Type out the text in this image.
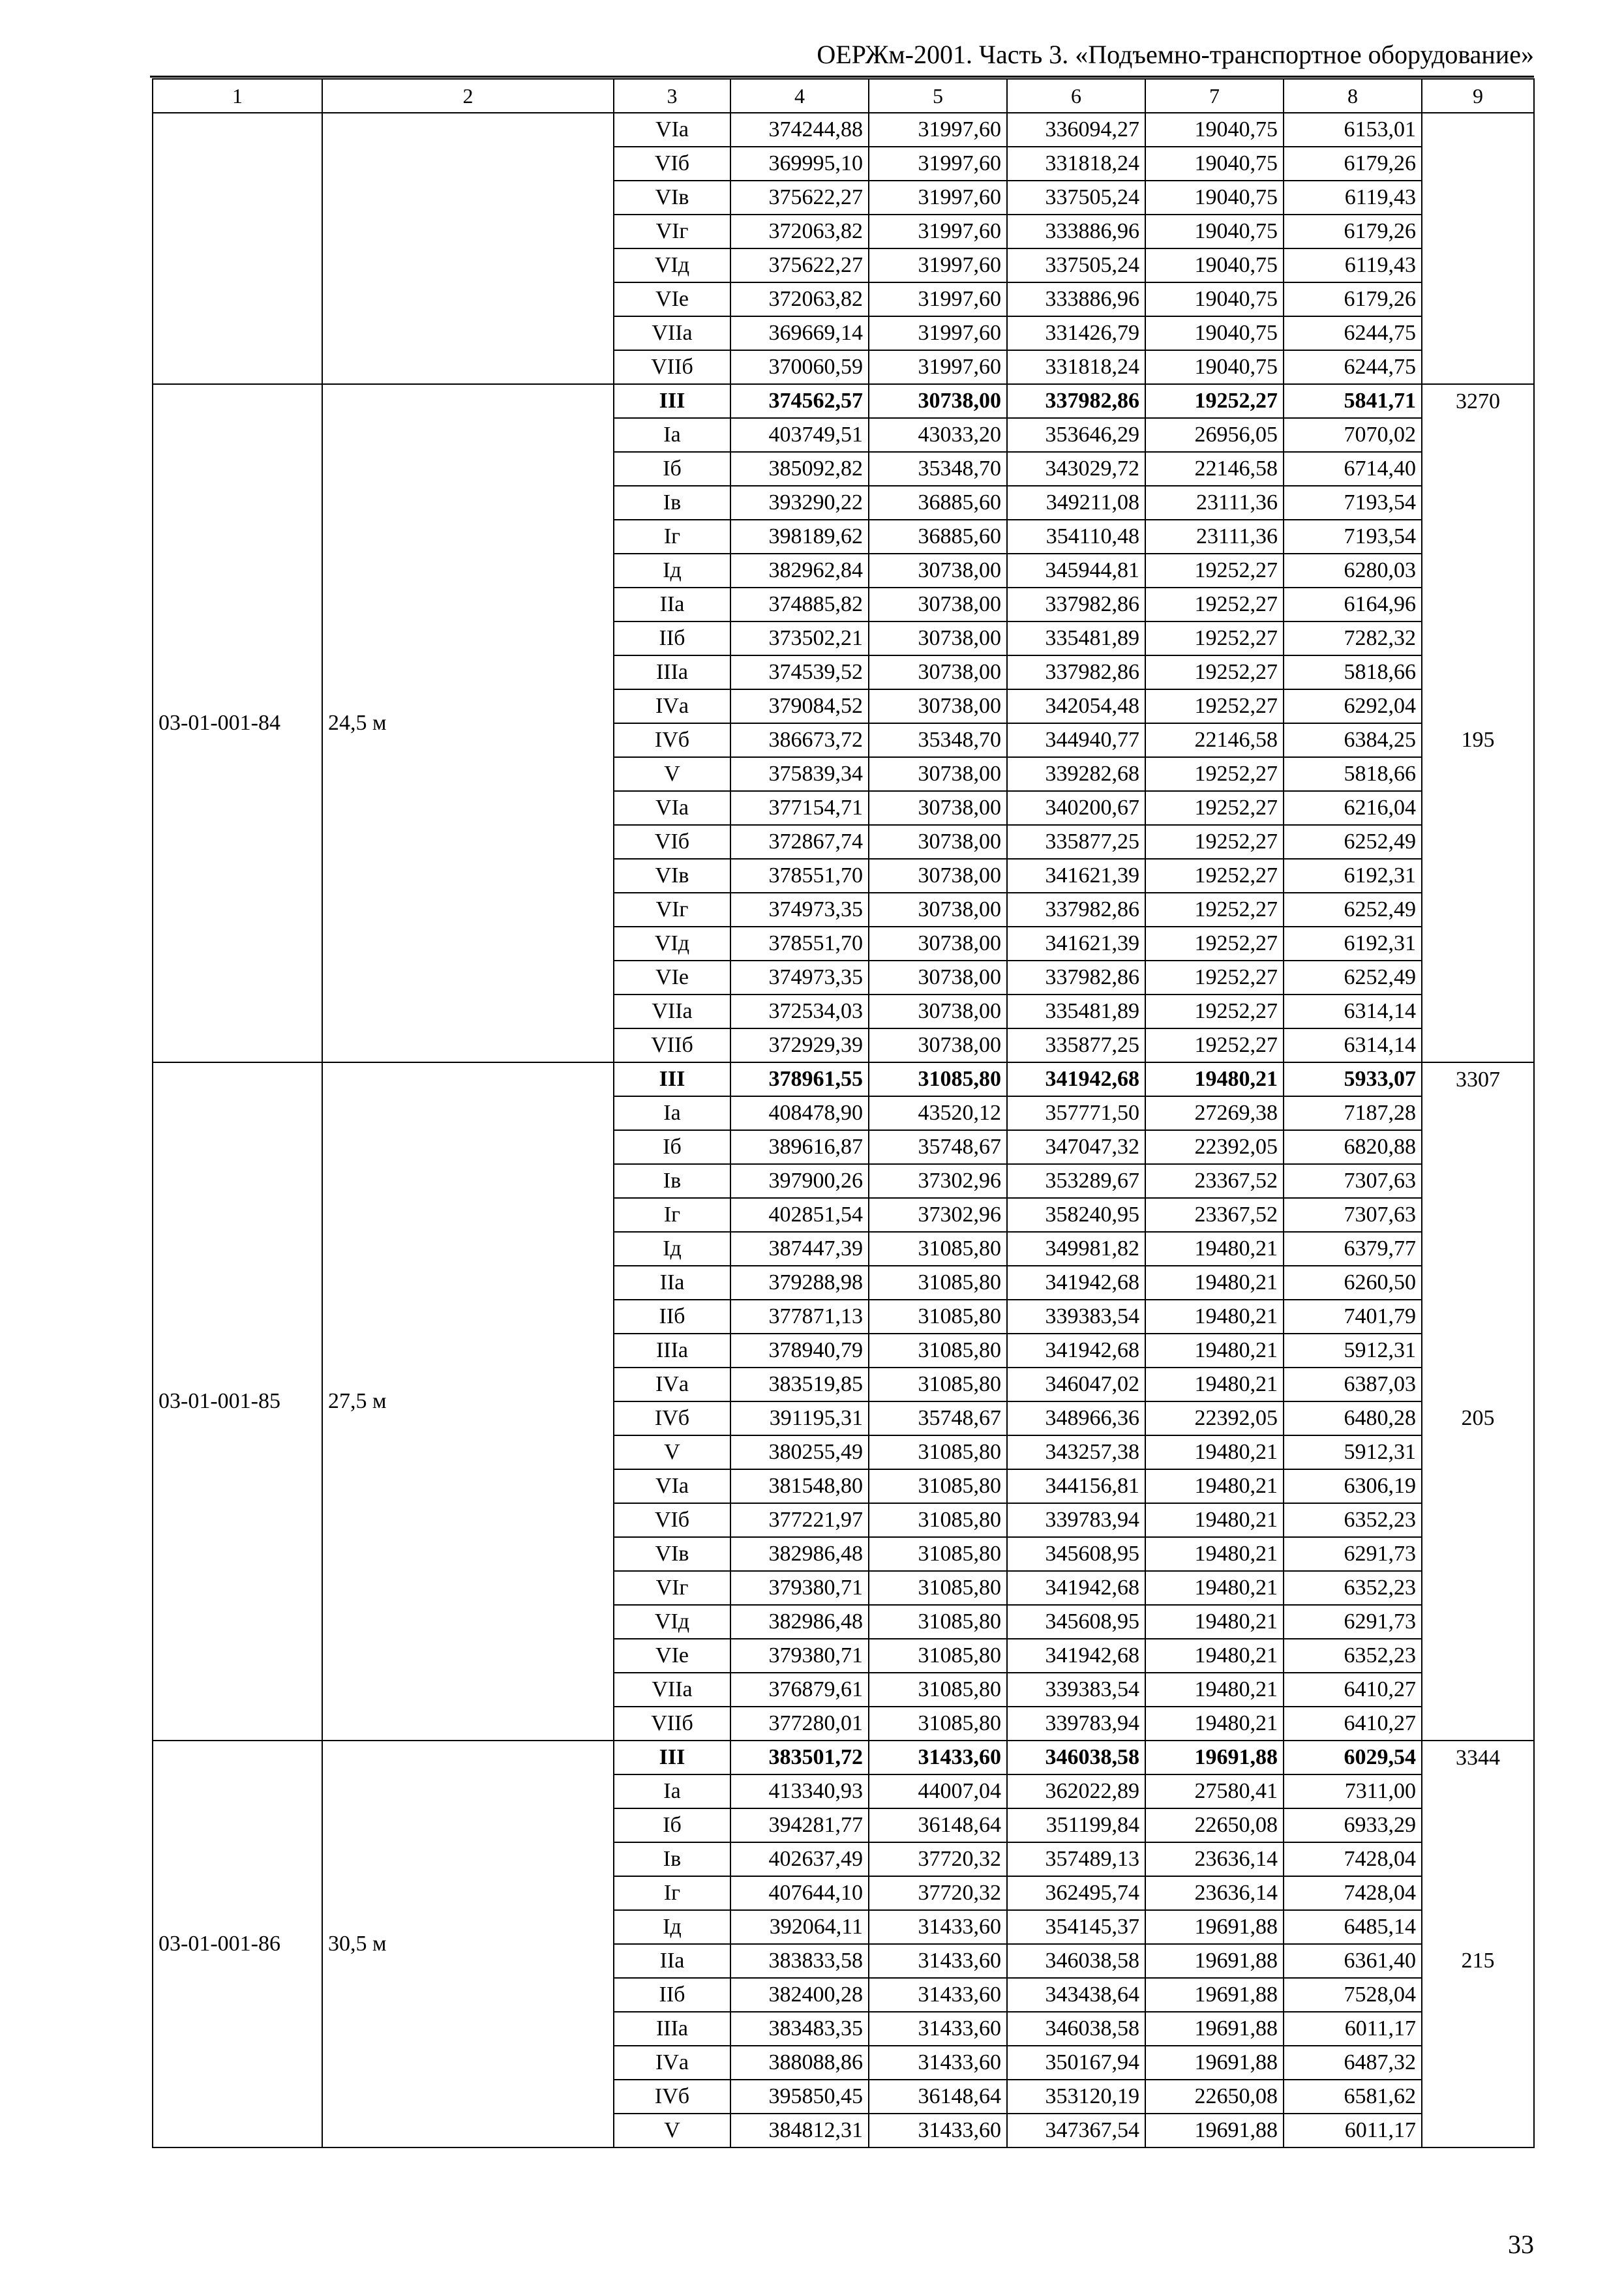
ОЕРЖм-2001. Часть 3. «Подъемно-транспортное оборудование»
1	2	3	4	5	6	7	8	9
		VIа	374244,88	31997,60	336094,27	19040,75	6153,01	
		VIб	369995,10	31997,60	331818,24	19040,75	6179,26	
		VIв	375622,27	31997,60	337505,24	19040,75	6119,43	
		VIг	372063,82	31997,60	333886,96	19040,75	6179,26	
		VIд	375622,27	31997,60	337505,24	19040,75	6119,43	
		VIе	372063,82	31997,60	333886,96	19040,75	6179,26	
		VIIа	369669,14	31997,60	331426,79	19040,75	6244,75	
		VIIб	370060,59	31997,60	331818,24	19040,75	6244,75	
03-01-001-84	24,5 м	III	374562,57	30738,00	337982,86	19252,27	5841,71	3270
		Iа	403749,51	43033,20	353646,29	26956,05	7070,02	195
		Iб	385092,82	35348,70	343029,72	22146,58	6714,40	
		Iв	393290,22	36885,60	349211,08	23111,36	7193,54	
		Iг	398189,62	36885,60	354110,48	23111,36	7193,54	
		Iд	382962,84	30738,00	345944,81	19252,27	6280,03	
		IIа	374885,82	30738,00	337982,86	19252,27	6164,96	
		IIб	373502,21	30738,00	335481,89	19252,27	7282,32	
		IIIа	374539,52	30738,00	337982,86	19252,27	5818,66	
		IVа	379084,52	30738,00	342054,48	19252,27	6292,04	
		IVб	386673,72	35348,70	344940,77	22146,58	6384,25	
		V	375839,34	30738,00	339282,68	19252,27	5818,66	
		VIа	377154,71	30738,00	340200,67	19252,27	6216,04	
		VIб	372867,74	30738,00	335877,25	19252,27	6252,49	
		VIв	378551,70	30738,00	341621,39	19252,27	6192,31	
		VIг	374973,35	30738,00	337982,86	19252,27	6252,49	
		VIд	378551,70	30738,00	341621,39	19252,27	6192,31	
		VIе	374973,35	30738,00	337982,86	19252,27	6252,49	
		VIIа	372534,03	30738,00	335481,89	19252,27	6314,14	
		VIIб	372929,39	30738,00	335877,25	19252,27	6314,14	
03-01-001-85	27,5 м	III	378961,55	31085,80	341942,68	19480,21	5933,07	3307
		Iа	408478,90	43520,12	357771,50	27269,38	7187,28	205
		Iб	389616,87	35748,67	347047,32	22392,05	6820,88	
		Iв	397900,26	37302,96	353289,67	23367,52	7307,63	
		Iг	402851,54	37302,96	358240,95	23367,52	7307,63	
		Iд	387447,39	31085,80	349981,82	19480,21	6379,77	
		IIа	379288,98	31085,80	341942,68	19480,21	6260,50	
		IIб	377871,13	31085,80	339383,54	19480,21	7401,79	
		IIIа	378940,79	31085,80	341942,68	19480,21	5912,31	
		IVа	383519,85	31085,80	346047,02	19480,21	6387,03	
		IVб	391195,31	35748,67	348966,36	22392,05	6480,28	
		V	380255,49	31085,80	343257,38	19480,21	5912,31	
		VIа	381548,80	31085,80	344156,81	19480,21	6306,19	
		VIб	377221,97	31085,80	339783,94	19480,21	6352,23	
		VIв	382986,48	31085,80	345608,95	19480,21	6291,73	
		VIг	379380,71	31085,80	341942,68	19480,21	6352,23	
		VIд	382986,48	31085,80	345608,95	19480,21	6291,73	
		VIе	379380,71	31085,80	341942,68	19480,21	6352,23	
		VIIа	376879,61	31085,80	339383,54	19480,21	6410,27	
		VIIб	377280,01	31085,80	339783,94	19480,21	6410,27	
03-01-001-86	30,5 м	III	383501,72	31433,60	346038,58	19691,88	6029,54	3344
		Iа	413340,93	44007,04	362022,89	27580,41	7311,00	215
		Iб	394281,77	36148,64	351199,84	22650,08	6933,29	
		Iв	402637,49	37720,32	357489,13	23636,14	7428,04	
		Iг	407644,10	37720,32	362495,74	23636,14	7428,04	
		Iд	392064,11	31433,60	354145,37	19691,88	6485,14	
		IIа	383833,58	31433,60	346038,58	19691,88	6361,40	
		IIб	382400,28	31433,60	343438,64	19691,88	7528,04	
		IIIа	383483,35	31433,60	346038,58	19691,88	6011,17	
		IVа	388088,86	31433,60	350167,94	19691,88	6487,32	
		IVб	395850,45	36148,64	353120,19	22650,08	6581,62	
		V	384812,31	31433,60	347367,54	19691,88	6011,17	
33
